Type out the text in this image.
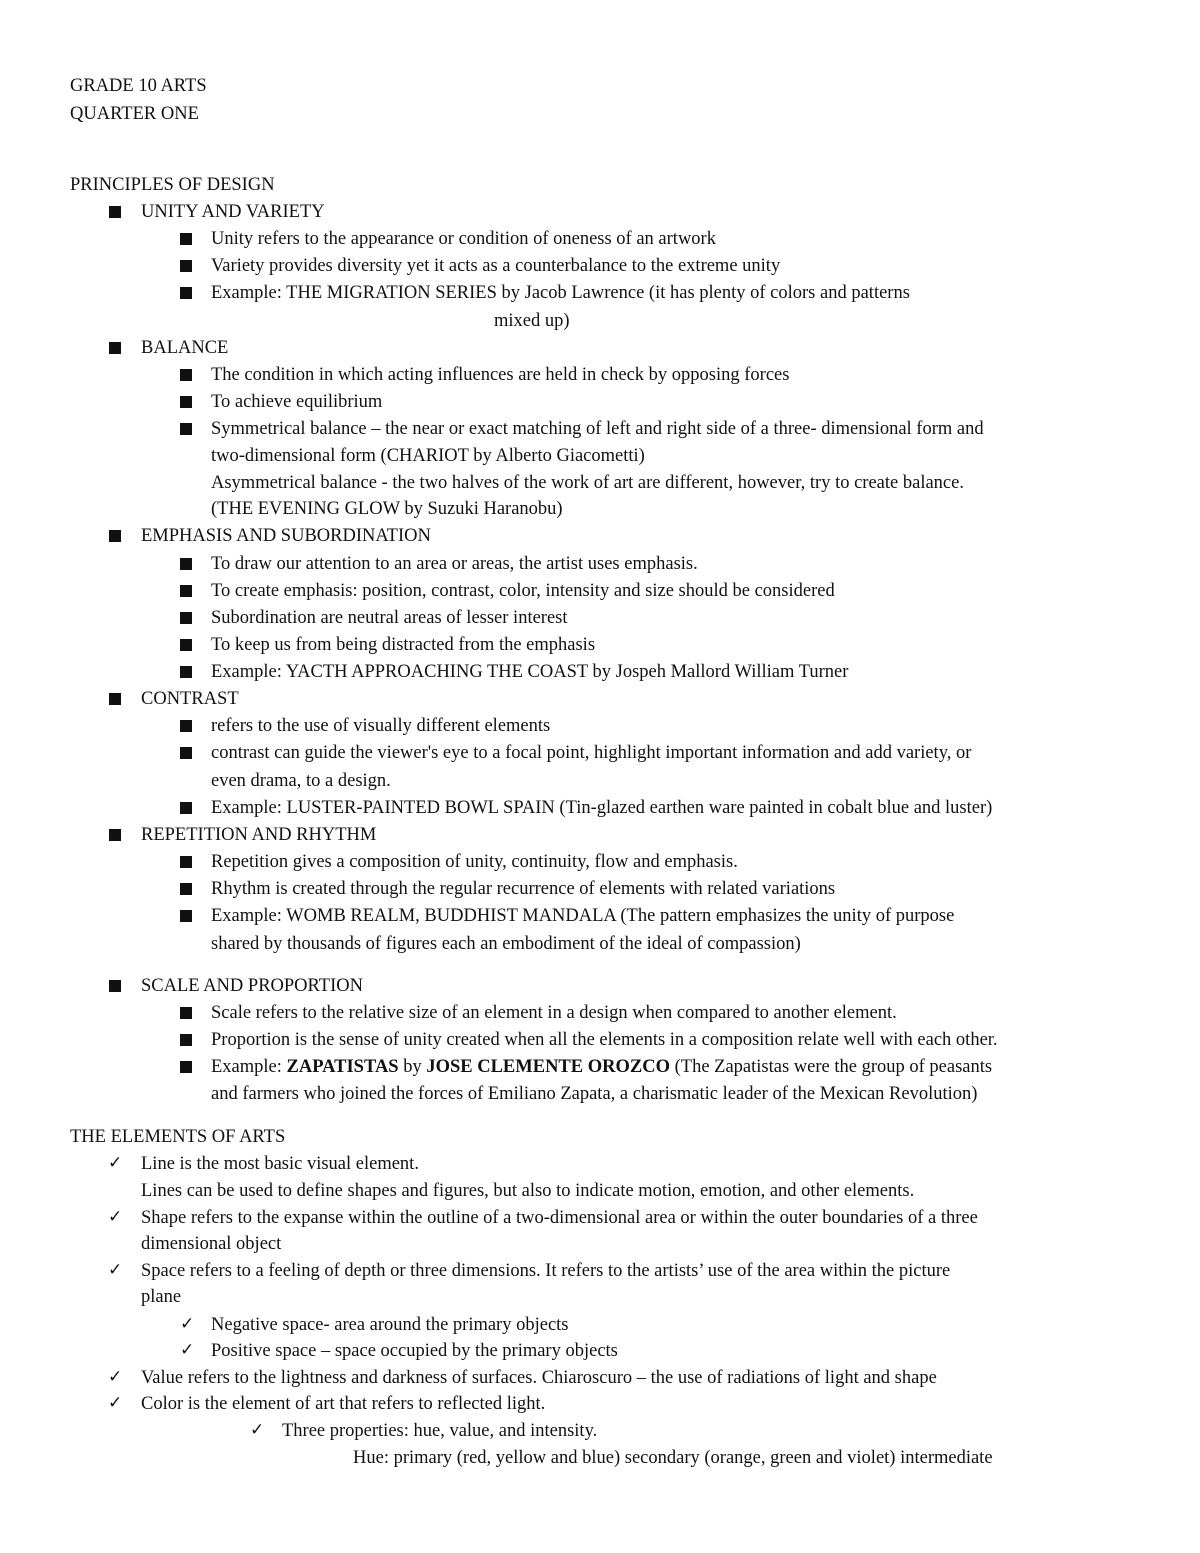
GRADE 10 ARTS
QUARTER ONE
PRINCIPLES OF DESIGN
UNITY AND VARIETY
Unity refers to the appearance or condition of oneness of an artwork
Variety provides diversity yet it acts as a counterbalance to the extreme unity
Example: THE MIGRATION SERIES by Jacob Lawrence (it has plenty of colors and patterns
mixed up)
BALANCE
The condition in which acting influences are held in check by opposing forces
To achieve equilibrium
Symmetrical balance – the near or exact matching of left and right side of a three- dimensional form and
two-dimensional form (CHARIOT by Alberto Giacometti)
Asymmetrical balance - the two halves of the work of art are different, however, try to create balance.
(THE EVENING GLOW by Suzuki Haranobu)
EMPHASIS AND SUBORDINATION
To draw our attention to an area or areas, the artist uses emphasis.
To create emphasis: position, contrast, color, intensity and size should be considered
Subordination are neutral areas of lesser interest
To keep us from being distracted from the emphasis
Example: YACTH APPROACHING THE COAST by Jospeh Mallord William Turner
CONTRAST
refers to the use of visually different elements
contrast can guide the viewer's eye to a focal point, highlight important information and add variety, or
even drama, to a design.
Example: LUSTER-PAINTED BOWL SPAIN (Tin-glazed earthen ware painted in cobalt blue and luster)
REPETITION AND RHYTHM
Repetition gives a composition of unity, continuity, flow and emphasis.
Rhythm is created through the regular recurrence of elements with related variations
Example: WOMB REALM, BUDDHIST MANDALA (The pattern emphasizes the unity of purpose
shared by thousands of figures each an embodiment of the ideal of compassion)
SCALE AND PROPORTION
Scale refers to the relative size of an element in a design when compared to another element.
Proportion is the sense of unity created when all the elements in a composition relate well with each other.
Example: ZAPATISTAS by JOSE CLEMENTE OROZCO (The Zapatistas were the group of peasants
and farmers who joined the forces of Emiliano Zapata, a charismatic leader of the Mexican Revolution)
THE ELEMENTS OF ARTS
✓ Line is the most basic visual element.
Lines can be used to define shapes and figures, but also to indicate motion, emotion, and other elements.
✓ Shape refers to the expanse within the outline of a two-dimensional area or within the outer boundaries of a three
dimensional object
✓ Space refers to a feeling of depth or three dimensions. It refers to the artists’ use of the area within the picture
plane
✓ Negative space- area around the primary objects
✓ Positive space – space occupied by the primary objects
✓ Value refers to the lightness and darkness of surfaces. Chiaroscuro – the use of radiations of light and shape
✓ Color is the element of art that refers to reflected light.
✓ Three properties: hue, value, and intensity.
Hue: primary (red, yellow and blue) secondary (orange, green and violet) intermediate
